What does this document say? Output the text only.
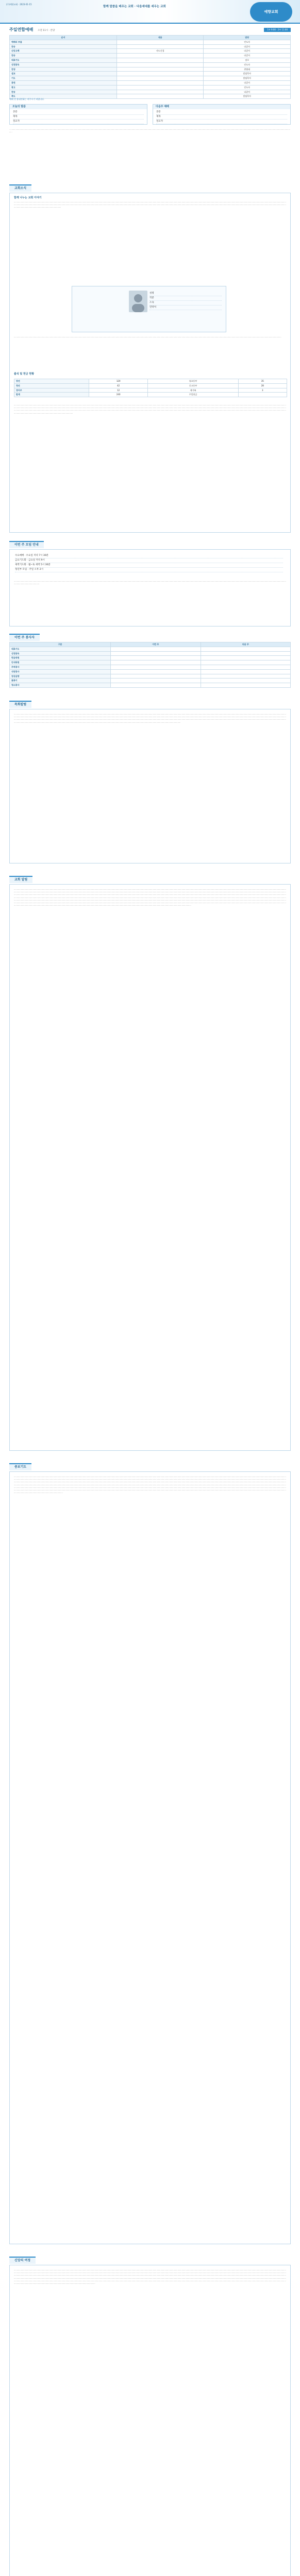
(주)예향교회 · 2023-01-15
함께 말씀을 배우는 교회 · 다음세대를 세우는 교회
예향교회
주일연합예배 오전 11시 · 본당	1부 9:00 · 2부 11:00
순서	내용	담당
예배의 부름		인도자
찬송		다같이
신앙고백	사도신경	다같이
찬송		다같이
대표기도		장로
성경봉독		인도자
찬양		찬양대
설교		담임목사
기도		담임목사
봉헌		다같이
광고		인도자
찬송		다같이
축도		담임목사
예배 전 휴대전화는 꺼주시기 바랍니다.
오늘의 말씀
본문
제목
설교자
다음주 예배
본문
제목
설교자
· ································································································································································································································································································································································································································································································
교회소식
함께 나누는 교회 이야기
············································································································································································································································································································································································································································································································································································································································································································································································································································································································································································································································
성명
직분
소속
연락처
······································································································································································································································································································································································································································································
출석 및 헌금 현황
장년	120	유초등부	35
청년	42	중고등부	28
영아부	12	새가족	3
합계	240	주일헌금	
··············································································································································································································································································································································································································································································································································································································································································································································································································································································································································································································································································································································································································································································································································································································································································································································
이번 주 모임 안내
수요예배 · 수요일 저녁 7시 30분
금요기도회 · 금요일 저녁 9시
새벽기도회 · 월~토 새벽 5시 30분
청년부 모임 · 주일 오후 2시
·························································································································································································································································································································································································································································································································
이번 주 봉사자
구분	이번 주	다음 주
대표기도		
성경봉독		
헌금위원		
안내위원		
주차봉사		
식당봉사		
영상음향		
꽃꽂이		
청소봉사		
목회칼럼
·····································································································································································································································································································································································································································································································································································································································································································································································································································································································································································································································································································································································································································································································································································································································································································································································································································································································································
교회 알림
·································································································································································································································································································································································································································································································································································································································································································································································································································································································································································································································································································································································································································································································································································································································································································································································································································································································································································································································································································································································································································································································································································································································································································································································································································································································································································································································································································································································································································································································································································································································································································································································································
중보기도
·······································································································································································································································································································································································································································································································································································································································································································································································································································································································································································································································································································································································································································································································································································································································································································································································································································································································································································································································································································································································································································································································································································································································································································································································································································································································································································································································································································································································································································································································································································
신앙의 여정
················································································································································································································································································································································································································································································································································································································································································································································································································································································································································································································································································································································································································································································································································································································································································································································································································································································································································································································································································································································································································································································································································································································································································································································································································································································································································
